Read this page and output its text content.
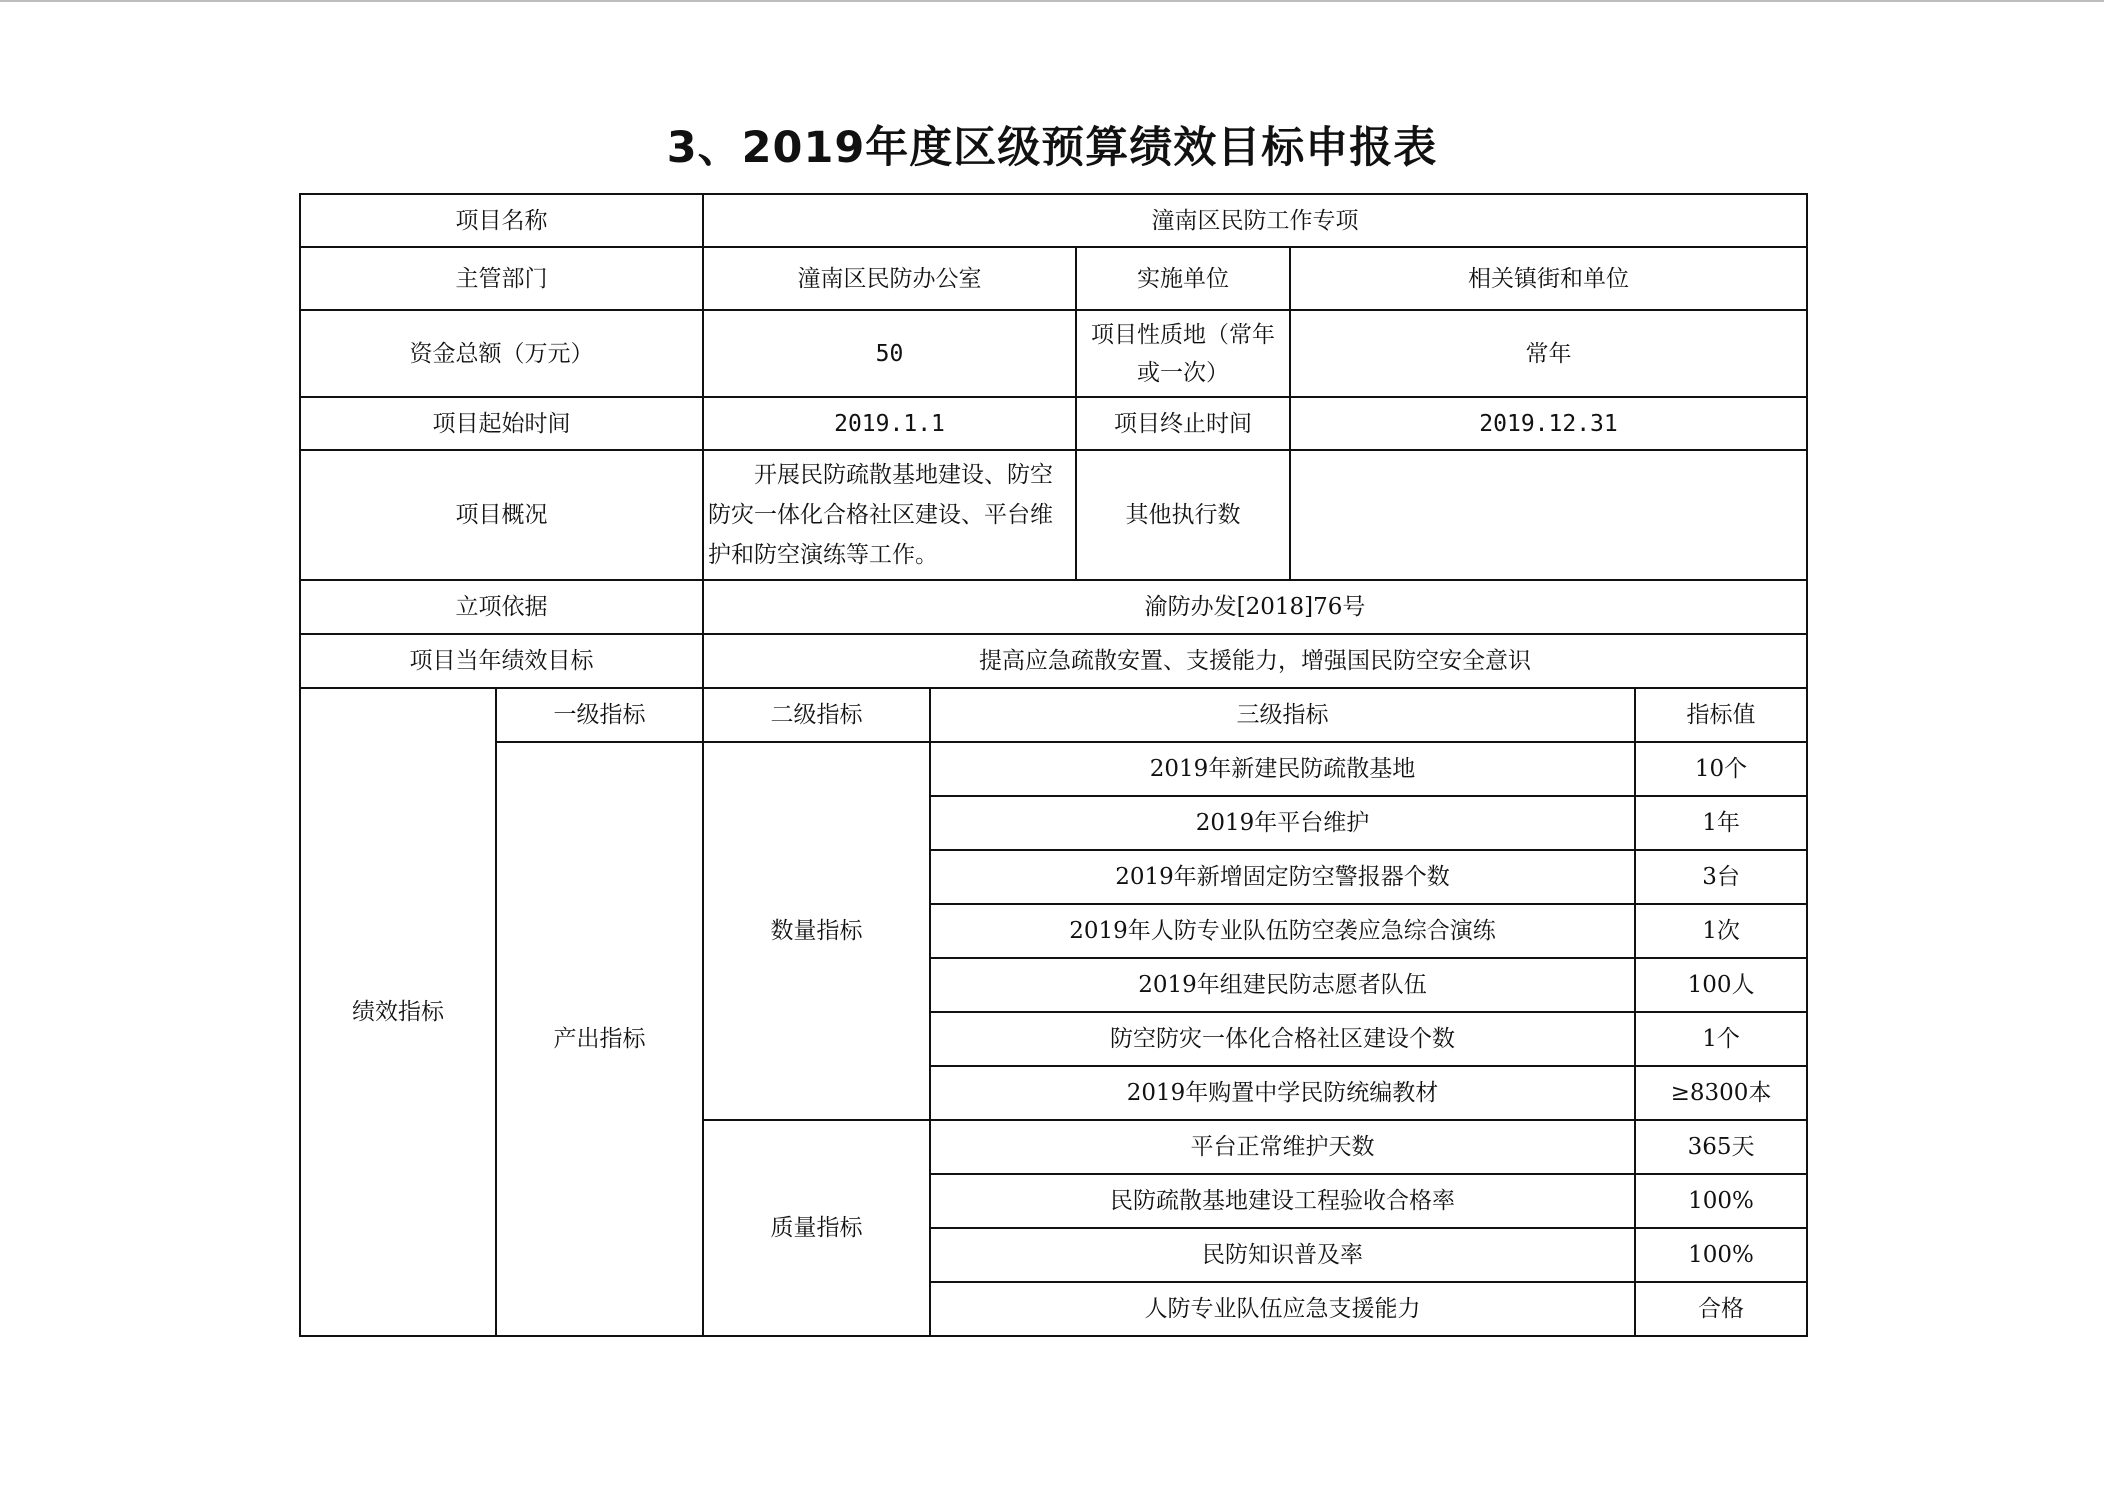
3、2019年度区级预算绩效目标申报表
项目名称		潼南区民防工作专项				
主管部门		潼南区民防办公室		实施单位	相关镇街和单位	
资金总额（万元）		50		项目性质地（常年或一次）	常年	
项目起始时间		2019.1.1		项目终止时间	2019.12.31	
项目概况		开展民防疏散基地建设、防空防灾一体化合格社区建设、平台维护和防空演练等工作。		其他执行数		
立项依据		渝防办发[2018]76号				
项目当年绩效目标		提高应急疏散安置、支援能力，增强国民防空安全意识				
绩效指标	一级指标	二级指标	三级指标			指标值
	产出指标	数量指标	2019年新建民防疏散基地			10个
			2019年平台维护			1年
			2019年新增固定防空警报器个数			3台
			2019年人防专业队伍防空袭应急综合演练			1次
			2019年组建民防志愿者队伍			100人
			防空防灾一体化合格社区建设个数			1个
			2019年购置中学民防统编教材			≥8300本
		质量指标	平台正常维护天数			365天
			民防疏散基地建设工程验收合格率			100%
			民防知识普及率			100%
			人防专业队伍应急支援能力			合格
